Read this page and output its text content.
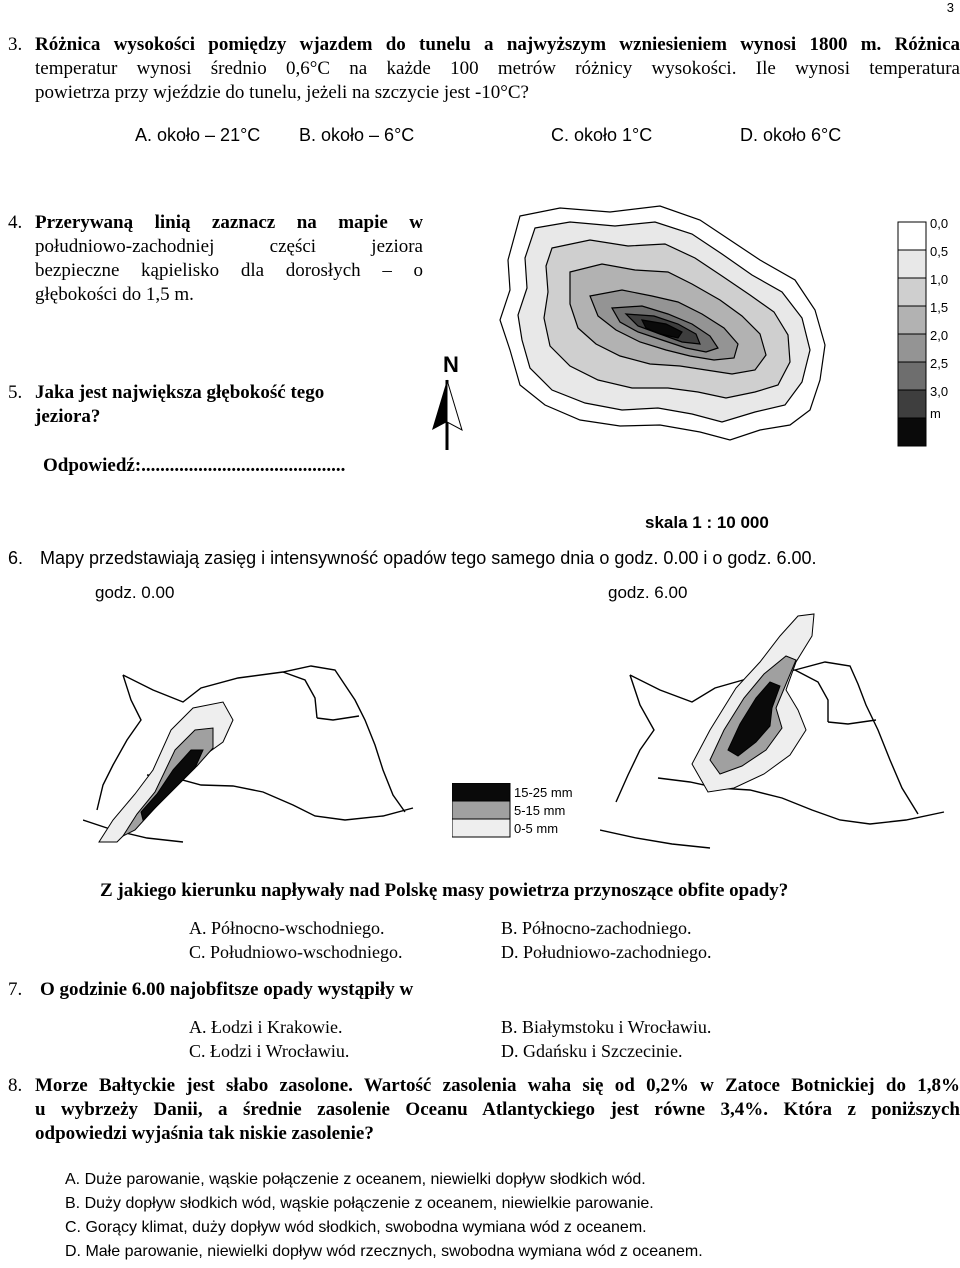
3
3. Różnica wysokości pomiędzy wjazdem do tunelu a najwyższym wzniesieniem wynosi 1800 m. Różnica
temperatur wynosi średnio 0,6°C na każde 100 metrów różnicy wysokości. Ile wynosi temperatura
powietrza przy wjeździe do tunelu, jeżeli na szczycie jest -10°C?
A. około – 21°C B. około – 6°C	C. około 1°C	D. około 6°C
4. Przerywaną linią zaznacz na mapie w
południowo-zachodniej części jeziora
bezpieczne kąpielisko dla dorosłych – o
głębokości do 1,5 m.
5. Jaka jest największa głębokość tego
jeziora?
Odpowiedź:...........................................
N
skala 1 : 10 000
0,0
0,5
1,0
1,5
2,0
2,5
3,0
m
6. Mapy przedstawiają zasięg i intensywność opadów tego samego dnia o godz. 0.00 i o godz. 6.00.
godz. 0.00	godz. 6.00
15-25 mm
5-15 mm
0-5 mm
Z jakiego kierunku napływały nad Polskę masy powietrza przynoszące obfite opady?
A. Północno-wschodniego.	B. Północno-zachodniego.
C. Południowo-wschodniego.	D. Południowo-zachodniego.
7. O godzinie 6.00 najobfitsze opady wystąpiły w
A. Łodzi i Krakowie.	B. Białymstoku i Wrocławiu.
C. Łodzi i Wrocławiu.	D. Gdańsku i Szczecinie.
8. Morze Bałtyckie jest słabo zasolone. Wartość zasolenia waha się od 0,2% w Zatoce Botnickiej do 1,8%
u wybrzeży Danii, a średnie zasolenie Oceanu Atlantyckiego jest równe 3,4%. Która z poniższych
odpowiedzi wyjaśnia tak niskie zasolenie?
A. Duże parowanie, wąskie połączenie z oceanem, niewielki dopływ słodkich wód.
B. Duży dopływ słodkich wód, wąskie połączenie z oceanem, niewielkie parowanie.
C. Gorący klimat, duży dopływ wód słodkich, swobodna wymiana wód z oceanem.
D. Małe parowanie, niewielki dopływ wód rzecznych, swobodna wymiana wód z oceanem.
